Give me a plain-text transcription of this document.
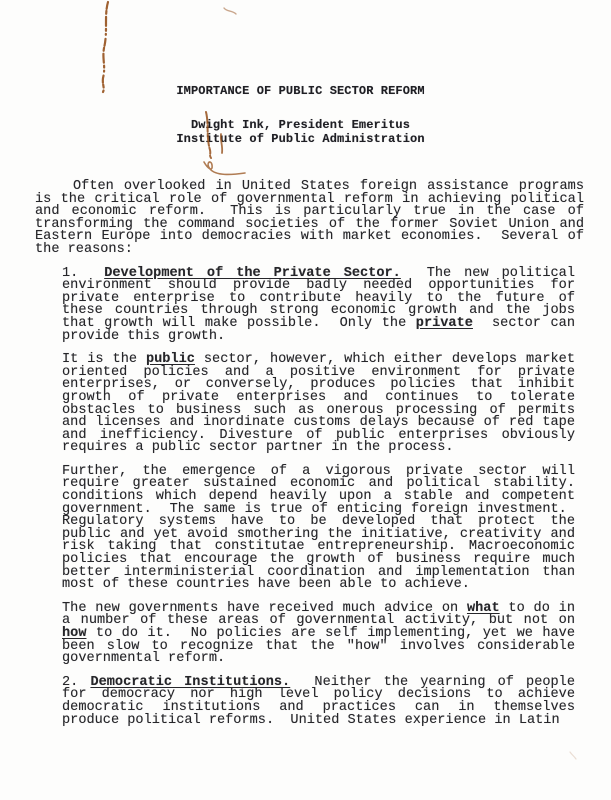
IMPORTANCE OF PUBLIC SECTOR REFORM
Dwight Ink, President Emeritus
Institute of Public Administration

Often overlooked in United States foreign assistance programs is the critical role of governmental reform in achieving political and economic reform.  This is particularly true in the case of transforming the command societies of the former Soviet Union and Eastern Europe into democracies with market economies.  Several of the reasons:

1.  Development of the Private Sector.  The new political environment should provide badly needed opportunities for private enterprise to contribute heavily to the future of these countries through strong economic growth and the jobs that growth will make possible.  Only the private  sector can provide this growth.

It is the public sector, however, which either develops market oriented policies and a positive environment for private enterprises, or conversely, produces policies that inhibit growth of private enterprises and continues to tolerate obstacles to business such as onerous processing of permits and licenses and inordinate customs delays because of red tape and inefficiency. Divesture of public enterprises obviously requires a public sector partner in the process.

Further, the emergence of a vigorous private sector will require greater sustained economic and political stability. conditions which depend heavily upon a stable and competent government.  The same is true of enticing foreign investment.  Regulatory systems have to be developed that protect the public and yet avoid smothering the initiative, creativity and risk taking that constitutae entrepreneurship. Macroeconomic policies that encourage the growth of business require much better interministerial coordination and implementation than most of these countries have been able to achieve.

The new governments have received much advice on what to do in a number of these areas of governmental activity, but not on how to do it.  No policies are self implementing, yet we have been slow to recognize that the "how" involves considerable governmental reform.

2. Democratic Institutions.  Neither the yearning of people for democracy nor high level policy decisions to achieve democratic institutions and practices can in themselves produce political reforms.  United States experience in Latin
